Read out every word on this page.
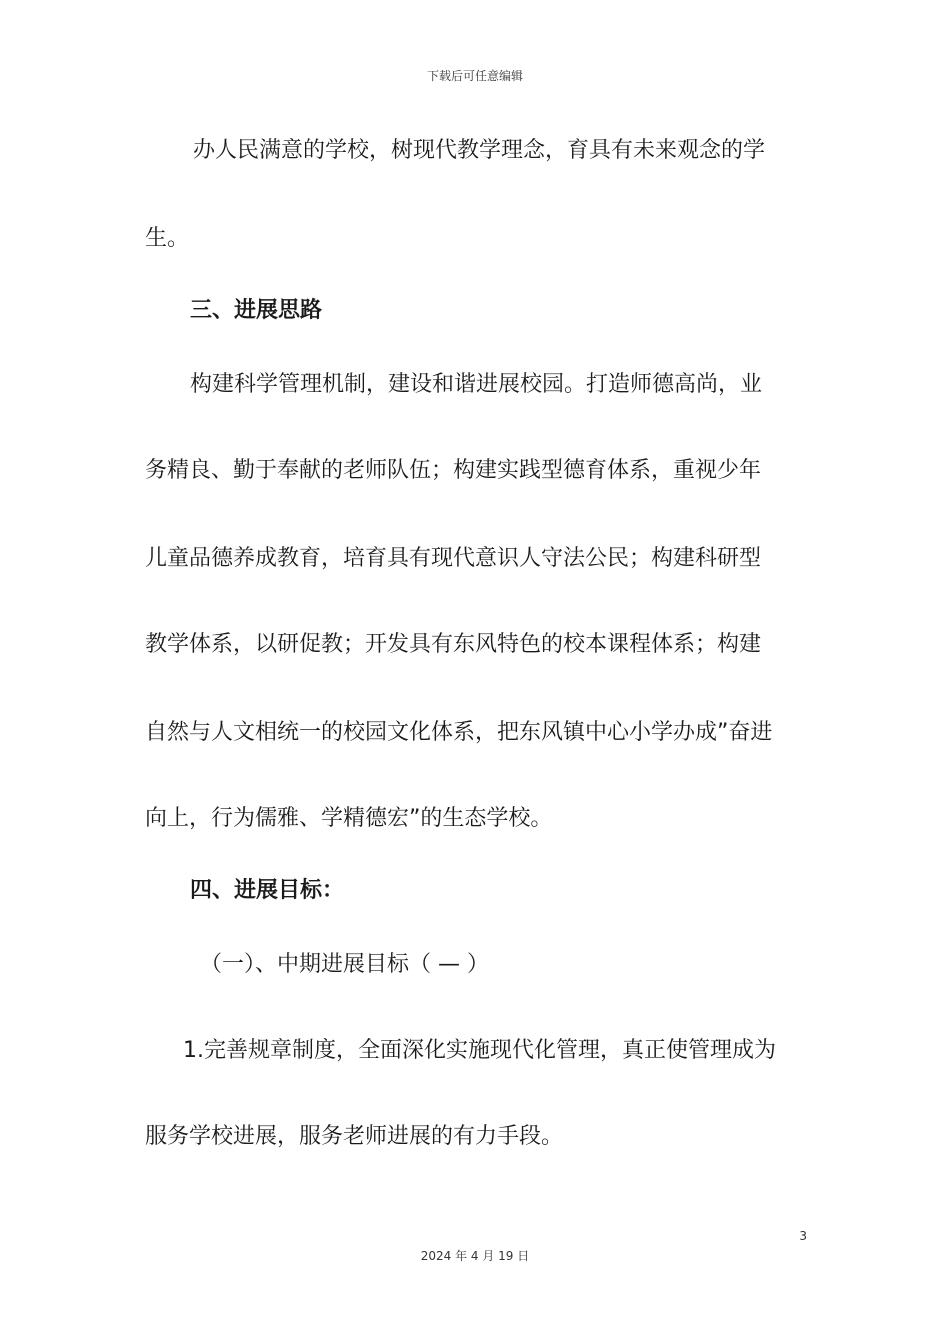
下载后可任意编辑
办人民满意的学校，树现代教学理念，育具有未来观念的学
生。
三、进展思路
构建科学管理机制，建设和谐进展校园。打造师德高尚，业
务精良、勤于奉献的老师队伍；构建实践型德育体系，重视少年
儿童品德养成教育，培育具有现代意识人守法公民；构建科研型
教学体系，以研促教；开发具有东风特色的校本课程体系；构建
自然与人文相统一的校园文化体系，把东风镇中心小学办成”奋进
向上，行为儒雅、学精德宏”的生态学校。
四、进展目标：
（一）、中期进展目标（ — ）
1.完善规章制度，全面深化实施现代化管理，真正使管理成为
服务学校进展，服务老师进展的有力手段。
3
2024 年 4 月 19 日
